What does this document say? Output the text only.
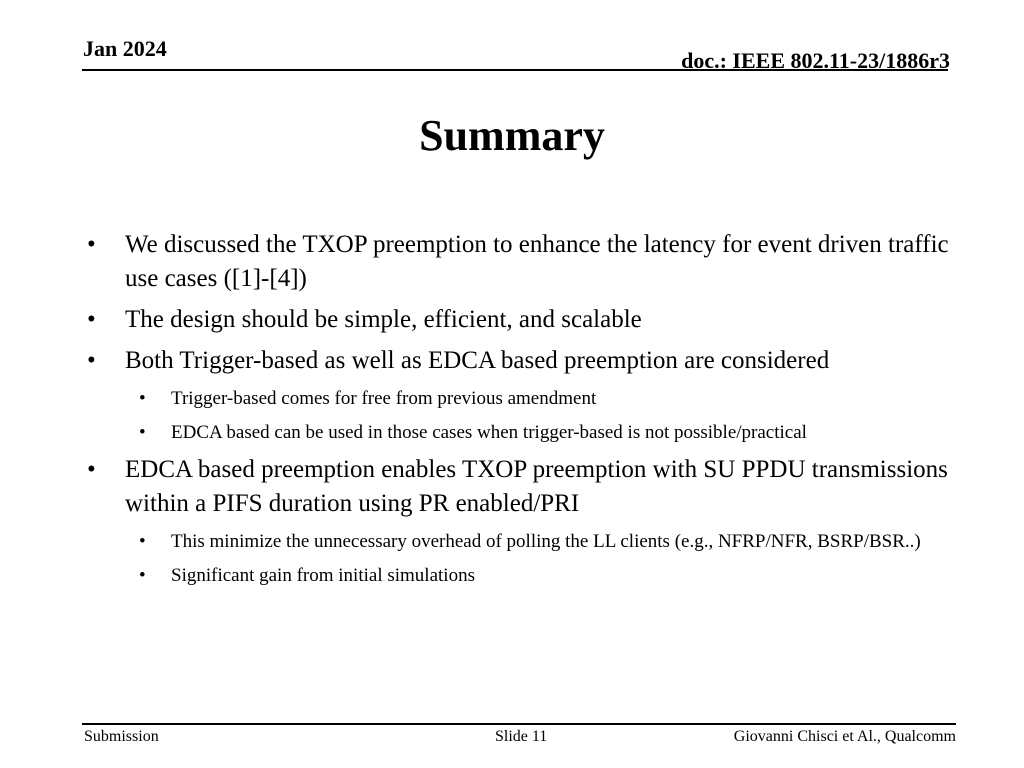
Jan 2024	doc.: IEEE 802.11-23/1886r3
Summary
• We discussed the TXOP preemption to enhance the latency for event driven traffic use cases ([1]-[4])
• The design should be simple, efficient, and scalable
• Both Trigger-based as well as EDCA based preemption are considered
• Trigger-based comes for free from previous amendment
• EDCA based can be used in those cases when trigger-based is not possible/practical
• EDCA based preemption enables TXOP preemption with SU PPDU transmissions within a PIFS duration using PR enabled/PRI
• This minimize the unnecessary overhead of polling the LL clients (e.g., NFRP/NFR, BSRP/BSR..)
• Significant gain from initial simulations
Submission	Slide 11	Giovanni Chisci et Al., Qualcomm
